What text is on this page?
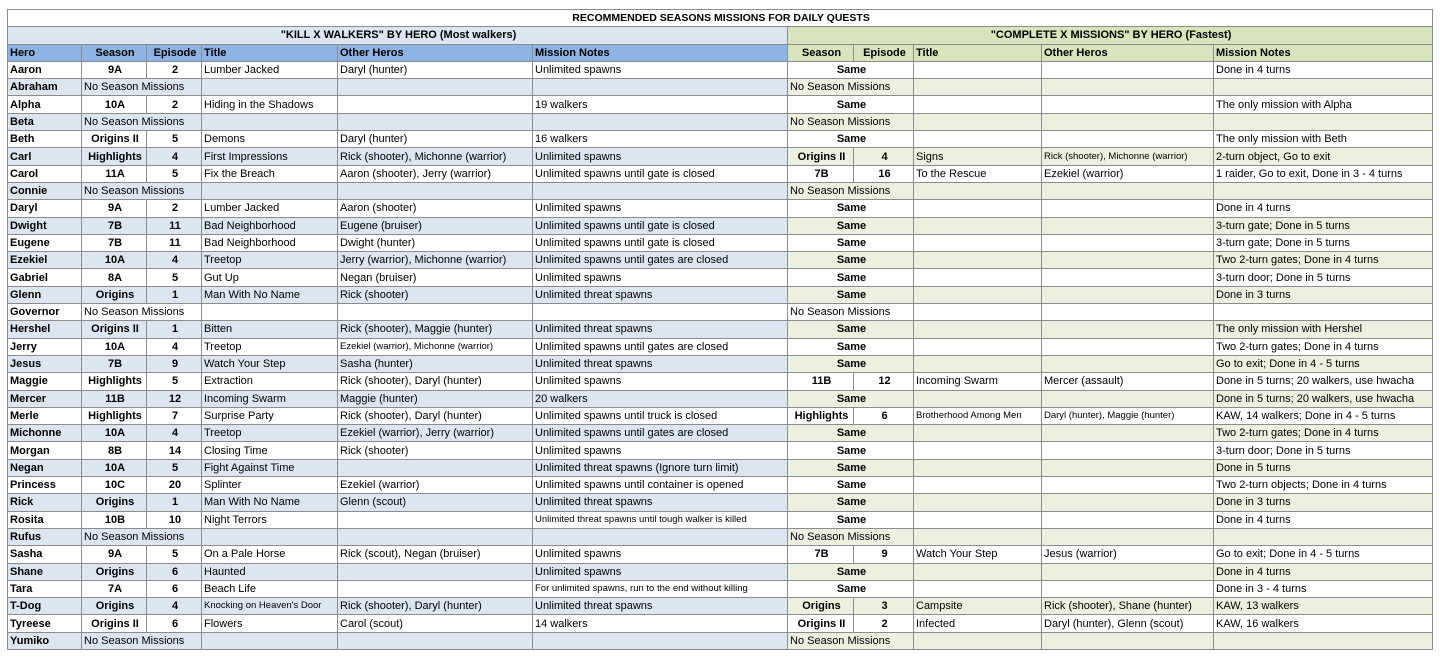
RECOMMENDED SEASONS MISSIONS FOR DAILY QUESTS										
"KILL X WALKERS" BY HERO (Most walkers)						"COMPLETE X MISSIONS" BY HERO (Fastest)				
Hero	Season	Episode	Title	Other Heros	Mission Notes	Season	Episode	Title	Other Heros	Mission Notes
Aaron	9A	2	Lumber Jacked	Daryl (hunter)	Unlimited spawns	Same				Done in 4 turns
Abraham	No Season Missions					No Season Missions				
Alpha	10A	2	Hiding in the Shadows		19 walkers	Same				The only mission with Alpha
Beta	No Season Missions					No Season Missions				
Beth	Origins II	5	Demons	Daryl (hunter)	16 walkers	Same				The only mission with Beth
Carl	Highlights	4	First Impressions	Rick (shooter), Michonne (warrior)	Unlimited spawns	Origins II	4	Signs	Rick (shooter), Michonne (warrior)	2-turn object, Go to exit
Carol	11A	5	Fix the Breach	Aaron (shooter), Jerry (warrior)	Unlimited spawns until gate is closed	7B	16	To the Rescue	Ezekiel (warrior)	1 raider, Go to exit, Done in 3 - 4 turns
Connie	No Season Missions					No Season Missions				
Daryl	9A	2	Lumber Jacked	Aaron (shooter)	Unlimited spawns	Same				Done in 4 turns
Dwight	7B	11	Bad Neighborhood	Eugene (bruiser)	Unlimited spawns until gate is closed	Same				3-turn gate; Done in 5 turns
Eugene	7B	11	Bad Neighborhood	Dwight (hunter)	Unlimited spawns until gate is closed	Same				3-turn gate; Done in 5 turns
Ezekiel	10A	4	Treetop	Jerry (warrior), Michonne (warrior)	Unlimited spawns until gates are closed	Same				Two 2-turn gates; Done in 4 turns
Gabriel	8A	5	Gut Up	Negan (bruiser)	Unlimited spawns	Same				3-turn door; Done in 5 turns
Glenn	Origins	1	Man With No Name	Rick (shooter)	Unlimited threat spawns	Same				Done in 3 turns
Governor	No Season Missions					No Season Missions				
Hershel	Origins II	1	Bitten	Rick (shooter), Maggie (hunter)	Unlimited threat spawns	Same				The only mission with Hershel
Jerry	10A	4	Treetop	Ezekiel (warrior), Michonne (warrior)	Unlimited spawns until gates are closed	Same				Two 2-turn gates; Done in 4 turns
Jesus	7B	9	Watch Your Step	Sasha (hunter)	Unlimited threat spawns	Same				Go to exit; Done in 4 - 5 turns
Maggie	Highlights	5	Extraction	Rick (shooter), Daryl (hunter)	Unlimited spawns	11B	12	Incoming Swarm	Mercer (assault)	Done in 5 turns; 20 walkers, use hwacha
Mercer	11B	12	Incoming Swarm	Maggie (hunter)	20 walkers	Same				Done in 5 turns; 20 walkers, use hwacha
Merle	Highlights	7	Surprise Party	Rick (shooter), Daryl (hunter)	Unlimited spawns until truck is closed	Highlights	6	Brotherhood Among Men	Daryl (hunter), Maggie (hunter)	KAW, 14 walkers; Done in 4 - 5 turns
Michonne	10A	4	Treetop	Ezekiel (warrior), Jerry (warrior)	Unlimited spawns until gates are closed	Same				Two 2-turn gates; Done in 4 turns
Morgan	8B	14	Closing Time	Rick (shooter)	Unlimited spawns	Same				3-turn door; Done in 5 turns
Negan	10A	5	Fight Against Time		Unlimited threat spawns (Ignore turn limit)	Same				Done in 5 turns
Princess	10C	20	Splinter	Ezekiel (warrior)	Unlimited spawns until container is opened	Same				Two 2-turn objects; Done in 4 turns
Rick	Origins	1	Man With No Name	Glenn (scout)	Unlimited threat spawns	Same				Done in 3 turns
Rosita	10B	10	Night Terrors		Unlimited threat spawns until tough walker is killed	Same				Done in 4 turns
Rufus	No Season Missions					No Season Missions				
Sasha	9A	5	On a Pale Horse	Rick (scout), Negan (bruiser)	Unlimited spawns	7B	9	Watch Your Step	Jesus (warrior)	Go to exit; Done in 4 - 5 turns
Shane	Origins	6	Haunted		Unlimited spawns	Same				Done in 4 turns
Tara	7A	6	Beach Life		For unlimited spawns, run to the end without killing	Same				Done in 3 - 4 turns
T-Dog	Origins	4	Knocking on Heaven's Door	Rick (shooter), Daryl (hunter)	Unlimited threat spawns	Origins	3	Campsite	Rick (shooter), Shane (hunter)	KAW, 13 walkers
Tyreese	Origins II	6	Flowers	Carol (scout)	14 walkers	Origins II	2	Infected	Daryl (hunter), Glenn (scout)	KAW, 16 walkers
Yumiko	No Season Missions					No Season Missions				
